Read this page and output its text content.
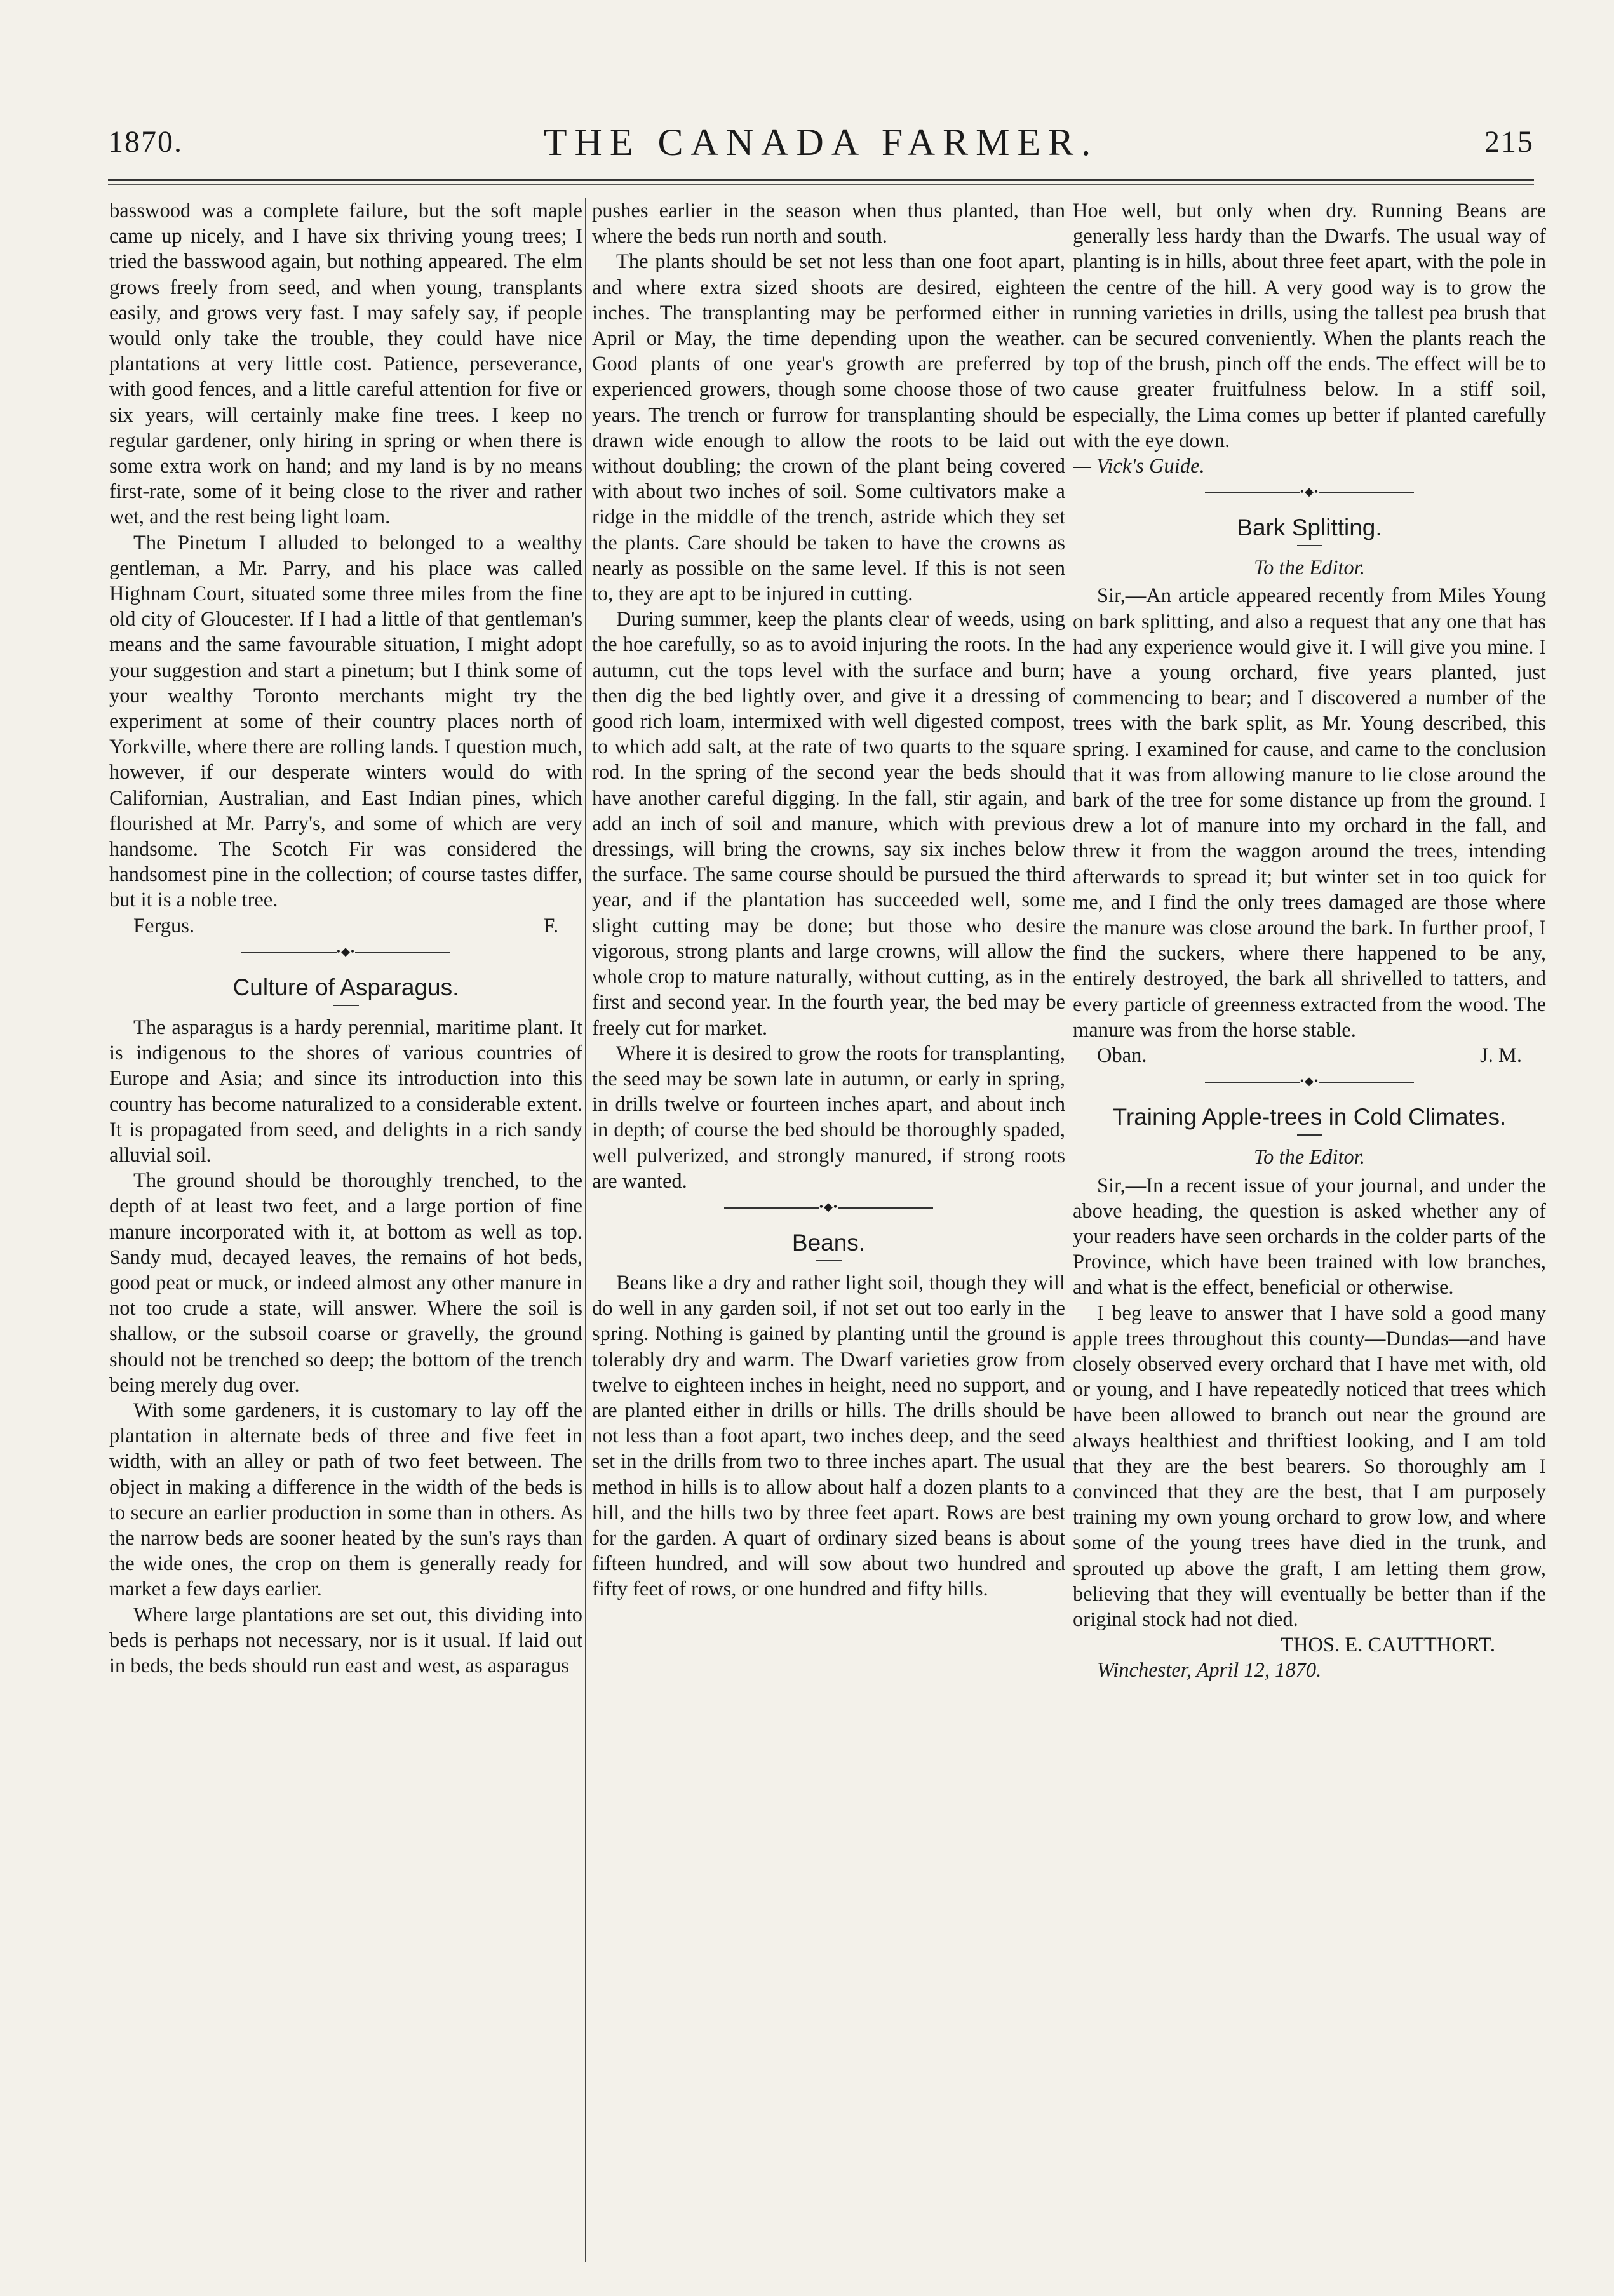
1870.	THE CANADA FARMER.	215

basswood was a complete failure, but the soft maple came up nicely, and I have six thriving young trees; I tried the basswood again, but nothing appeared. The elm grows freely from seed, and when young, transplants easily, and grows very fast. I may safely say, if people would only take the trouble, they could have nice plantations at very little cost. Patience, perseverance, with good fences, and a little careful attention for five or six years, will certainly make fine trees. I keep no regular gardener, only hiring in spring or when there is some extra work on hand; and my land is by no means first-rate, some of it being close to the river and rather wet, and the rest being light loam.

The Pinetum I alluded to belonged to a wealthy gentleman, a Mr. Parry, and his place was called Highnam Court, situated some three miles from the fine old city of Gloucester. If I had a little of that gentleman's means and the same favourable situation, I might adopt your suggestion and start a pinetum; but I think some of your wealthy Toronto merchants might try the experiment at some of their country places north of Yorkville, where there are rolling lands. I question much, however, if our desperate winters would do with Californian, Australian, and East Indian pines, which flourished at Mr. Parry's, and some of which are very handsome. The Scotch Fir was considered the handsomest pine in the collection; of course tastes differ, but it is a noble tree.

Fergus.	F.
•◆•
Culture of Asparagus.

The asparagus is a hardy perennial, maritime plant. It is indigenous to the shores of various countries of Europe and Asia; and since its introduction into this country has become naturalized to a considerable extent. It is propagated from seed, and delights in a rich sandy alluvial soil.

The ground should be thoroughly trenched, to the depth of at least two feet, and a large portion of fine manure incorporated with it, at bottom as well as top. Sandy mud, decayed leaves, the remains of hot beds, good peat or muck, or indeed almost any other manure in not too crude a state, will answer. Where the soil is shallow, or the subsoil coarse or gravelly, the ground should not be trenched so deep; the bottom of the trench being merely dug over.

With some gardeners, it is customary to lay off the plantation in alternate beds of three and five feet in width, with an alley or path of two feet between. The object in making a difference in the width of the beds is to secure an earlier production in some than in others. As the narrow beds are sooner heated by the sun's rays than the wide ones, the crop on them is generally ready for market a few days earlier.

Where large plantations are set out, this dividing into beds is perhaps not necessary, nor is it usual. If laid out in beds, the beds should run east and west, as asparagus

pushes earlier in the season when thus planted, than where the beds run north and south.

The plants should be set not less than one foot apart, and where extra sized shoots are desired, eighteen inches. The transplanting may be performed either in April or May, the time depending upon the weather. Good plants of one year's growth are preferred by experienced growers, though some choose those of two years. The trench or furrow for transplanting should be drawn wide enough to allow the roots to be laid out without doubling; the crown of the plant being covered with about two inches of soil. Some cultivators make a ridge in the middle of the trench, astride which they set the plants. Care should be taken to have the crowns as nearly as possible on the same level. If this is not seen to, they are apt to be injured in cutting.

During summer, keep the plants clear of weeds, using the hoe carefully, so as to avoid injuring the roots. In the autumn, cut the tops level with the surface and burn; then dig the bed lightly over, and give it a dressing of good rich loam, intermixed with well digested compost, to which add salt, at the rate of two quarts to the square rod. In the spring of the second year the beds should have another careful digging. In the fall, stir again, and add an inch of soil and manure, which with previous dressings, will bring the crowns, say six inches below the surface. The same course should be pursued the third year, and if the plantation has succeeded well, some slight cutting may be done; but those who desire vigorous, strong plants and large crowns, will allow the whole crop to mature naturally, without cutting, as in the first and second year. In the fourth year, the bed may be freely cut for market.

Where it is desired to grow the roots for transplanting, the seed may be sown late in autumn, or early in spring, in drills twelve or fourteen inches apart, and about inch in depth; of course the bed should be thoroughly spaded, well pulverized, and strongly manured, if strong roots are wanted.

•◆•
Beans.

Beans like a dry and rather light soil, though they will do well in any garden soil, if not set out too early in the spring. Nothing is gained by planting until the ground is tolerably dry and warm. The Dwarf varieties grow from twelve to eighteen inches in height, need no support, and are planted either in drills or hills. The drills should be not less than a foot apart, two inches deep, and the seed set in the drills from two to three inches apart. The usual method in hills is to allow about half a dozen plants to a hill, and the hills two by three feet apart. Rows are best for the garden. A quart of ordinary sized beans is about fifteen hundred, and will sow about two hundred and fifty feet of rows, or one hundred and fifty hills.

Hoe well, but only when dry. Running Beans are generally less hardy than the Dwarfs. The usual way of planting is in hills, about three feet apart, with the pole in the centre of the hill. A very good way is to grow the running varieties in drills, using the tallest pea brush that can be secured conveniently. When the plants reach the top of the brush, pinch off the ends. The effect will be to cause greater fruitfulness below. In a stiff soil, especially, the Lima comes up better if planted carefully with the eye down.

— Vick's Guide.

•◆•
Bark Splitting.
To the Editor.

Sir,—An article appeared recently from Miles Young on bark splitting, and also a request that any one that has had any experience would give it. I will give you mine. I have a young orchard, five years planted, just commencing to bear; and I discovered a number of the trees with the bark split, as Mr. Young described, this spring. I examined for cause, and came to the conclusion that it was from allowing manure to lie close around the bark of the tree for some distance up from the ground. I drew a lot of manure into my orchard in the fall, and threw it from the waggon around the trees, intending afterwards to spread it; but winter set in too quick for me, and I find the only trees damaged are those where the manure was close around the bark. In further proof, I find the suckers, where there happened to be any, entirely destroyed, the bark all shrivelled to tatters, and every particle of greenness extracted from the wood. The manure was from the horse stable.

Oban.	J. M.
•◆•
Training Apple-trees in Cold Climates.
To the Editor.

Sir,—In a recent issue of your journal, and under the above heading, the question is asked whether any of your readers have seen orchards in the colder parts of the Province, which have been trained with low branches, and what is the effect, beneficial or otherwise.

I beg leave to answer that I have sold a good many apple trees throughout this county—Dundas—and have closely observed every orchard that I have met with, old or young, and I have repeatedly noticed that trees which have been allowed to branch out near the ground are always healthiest and thriftiest looking, and I am told that they are the best bearers. So thoroughly am I convinced that they are the best, that I am purposely training my own young orchard to grow low, and where some of the young trees have died in the trunk, and sprouted up above the graft, I am letting them grow, believing that they will eventually be better than if the original stock had not died.

THOS. E. CAUTTHORT.
Winchester, April 12, 1870.
